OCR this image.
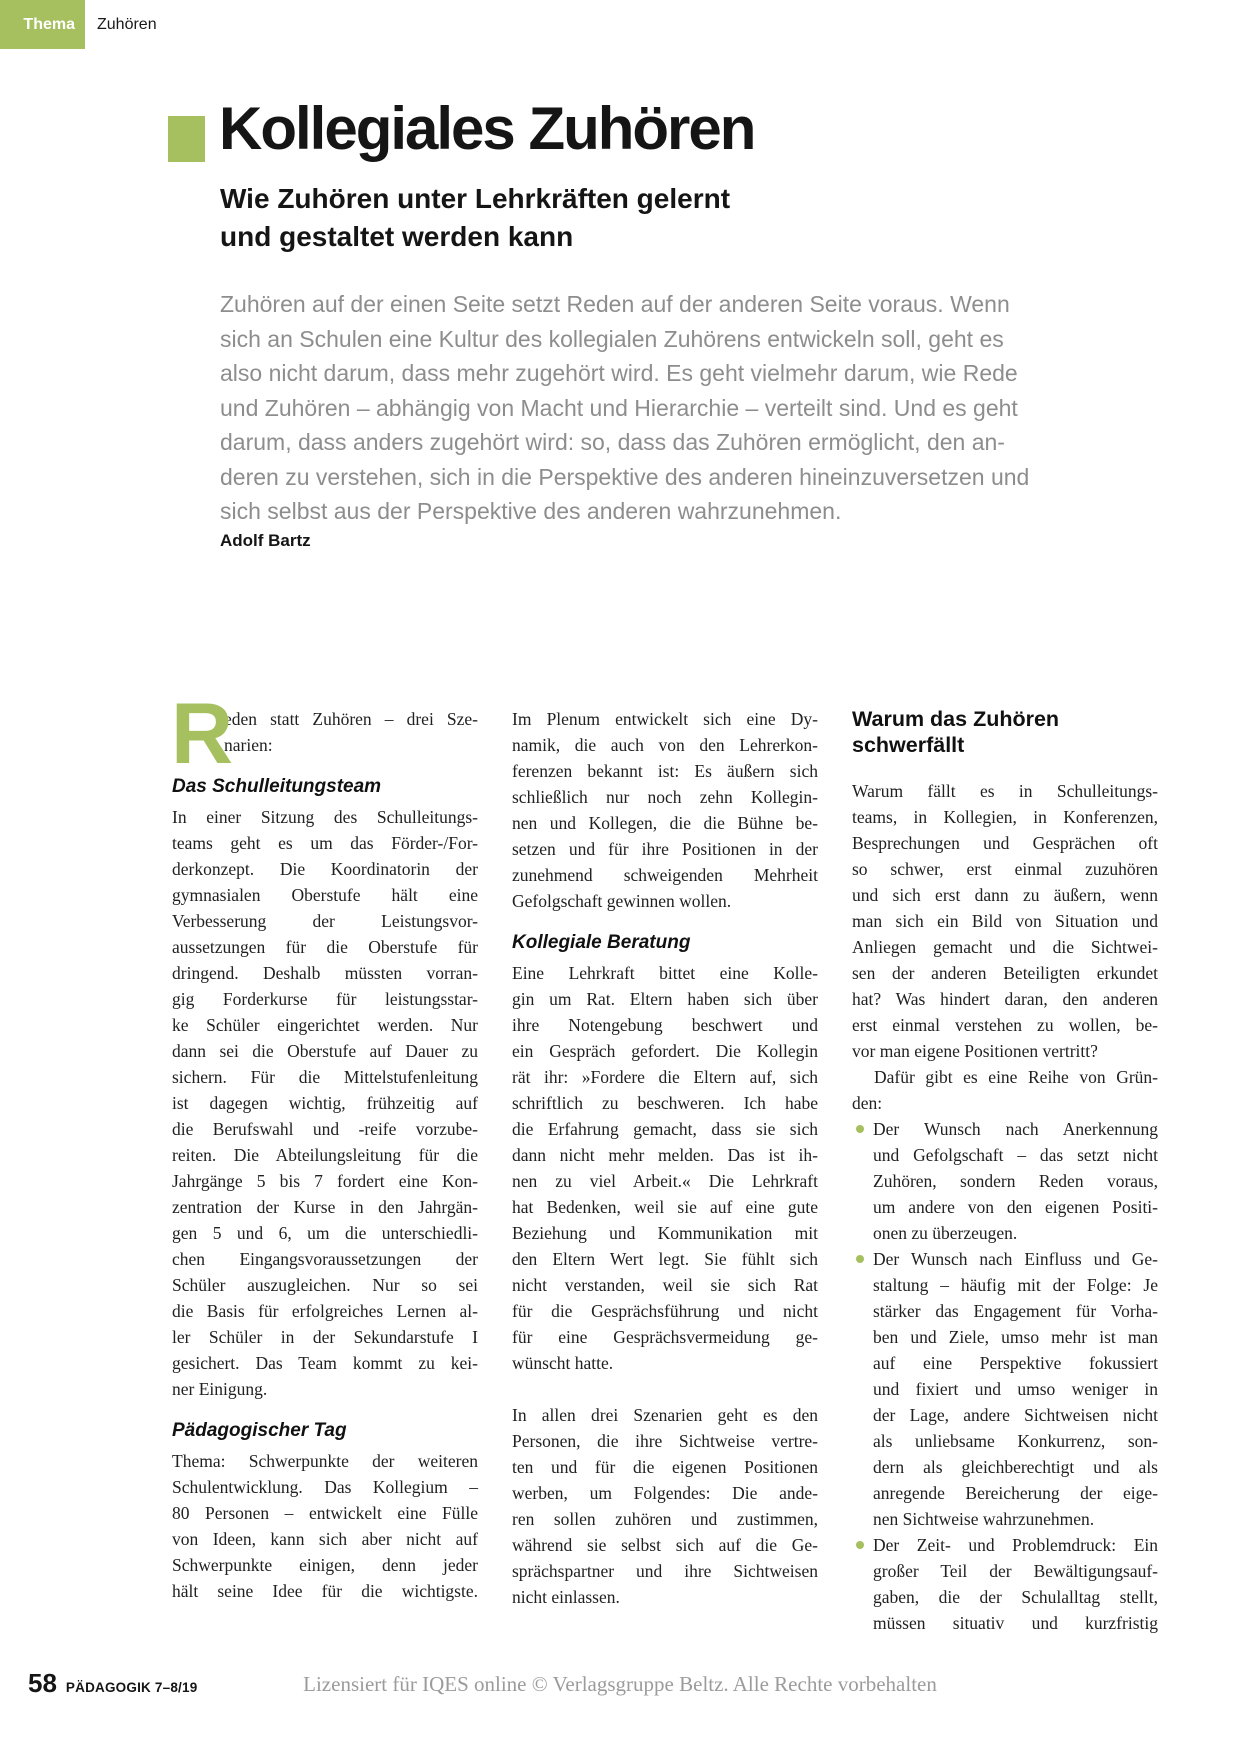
Thema Zuhören
Kollegiales Zuhören
Wie Zuhören unter Lehrkräften gelernt
und gestaltet werden kann
Zuhören auf der einen Seite setzt Reden auf der anderen Seite voraus. Wenn
sich an Schulen eine Kultur des kollegialen Zuhörens entwickeln soll, geht es
also nicht darum, dass mehr zugehört wird. Es geht vielmehr darum, wie Rede
und Zuhören – abhängig von Macht und Hierarchie – verteilt sind. Und es geht
darum, dass anders zugehört wird: so, dass das Zuhören ermöglicht, den an-
deren zu verstehen, sich in die Perspektive des anderen hineinzuversetzen und
sich selbst aus der Perspektive des anderen wahrzunehmen.
Adolf Bartz
R
eden statt Zuhören – drei Sze-
narien:
Das Schulleitungsteam
In einer Sitzung des Schulleitungs-
teams geht es um das Förder-/For-
derkonzept. Die Koordinatorin der
gymnasialen Oberstufe hält eine
Verbesserung der Leistungsvor-
aussetzungen für die Oberstufe für
dringend. Deshalb müssten vorran-
gig Forderkurse für leistungsstar-
ke Schüler eingerichtet werden. Nur
dann sei die Oberstufe auf Dauer zu
sichern. Für die Mittelstufenleitung
ist dagegen wichtig, frühzeitig auf
die Berufswahl und -reife vorzube-
reiten. Die Abteilungsleitung für die
Jahrgänge 5 bis 7 fordert eine Kon-
zentration der Kurse in den Jahrgän-
gen 5 und 6, um die unterschiedli-
chen Eingangsvoraussetzungen der
Schüler auszugleichen. Nur so sei
die Basis für erfolgreiches Lernen al-
ler Schüler in der Sekundarstufe I
gesichert. Das Team kommt zu kei-
ner Einigung.
Pädagogischer Tag
Thema: Schwerpunkte der weiteren
Schulentwicklung. Das Kollegium –
80 Personen – entwickelt eine Fülle
von Ideen, kann sich aber nicht auf
Schwerpunkte einigen, denn jeder
hält seine Idee für die wichtigste.
Im Plenum entwickelt sich eine Dy-
namik, die auch von den Lehrerkon-
ferenzen bekannt ist: Es äußern sich
schließlich nur noch zehn Kollegin-
nen und Kollegen, die die Bühne be-
setzen und für ihre Positionen in der
zunehmend schweigenden Mehrheit
Gefolgschaft gewinnen wollen.
Kollegiale Beratung
Eine Lehrkraft bittet eine Kolle-
gin um Rat. Eltern haben sich über
ihre Notengebung beschwert und
ein Gespräch gefordert. Die Kollegin
rät ihr: »Fordere die Eltern auf, sich
schriftlich zu beschweren. Ich habe
die Erfahrung gemacht, dass sie sich
dann nicht mehr melden. Das ist ih-
nen zu viel Arbeit.« Die Lehrkraft
hat Bedenken, weil sie auf eine gute
Beziehung und Kommunikation mit
den Eltern Wert legt. Sie fühlt sich
nicht verstanden, weil sie sich Rat
für die Gesprächsführung und nicht
für eine Gesprächsvermeidung ge-
wünscht hatte.
In allen drei Szenarien geht es den
Personen, die ihre Sichtweise vertre-
ten und für die eigenen Positionen
werben, um Folgendes: Die ande-
ren sollen zuhören und zustimmen,
während sie selbst sich auf die Ge-
sprächspartner und ihre Sichtweisen
nicht einlassen.
Warum das Zuhören schwerfällt
Warum fällt es in Schulleitungs-
teams, in Kollegien, in Konferenzen,
Besprechungen und Gesprächen oft
so schwer, erst einmal zuzuhören
und sich erst dann zu äußern, wenn
man sich ein Bild von Situation und
Anliegen gemacht und die Sichtwei-
sen der anderen Beteiligten erkundet
hat? Was hindert daran, den anderen
erst einmal verstehen zu wollen, be-
vor man eigene Positionen vertritt?
Dafür gibt es eine Reihe von Grün-
den:
Der Wunsch nach Anerkennung
und Gefolgschaft – das setzt nicht
Zuhören, sondern Reden voraus,
um andere von den eigenen Positi-
onen zu überzeugen.
Der Wunsch nach Einfluss und Ge-
staltung – häufig mit der Folge: Je
stärker das Engagement für Vorha-
ben und Ziele, umso mehr ist man
auf eine Perspektive fokussiert
und fixiert und umso weniger in
der Lage, andere Sichtweisen nicht
als unliebsame Konkurrenz, son-
dern als gleichberechtigt und als
anregende Bereicherung der eige-
nen Sichtweise wahrzunehmen.
Der Zeit- und Problemdruck: Ein
großer Teil der Bewältigungsauf-
gaben, die der Schulalltag stellt,
müssen situativ und kurzfristig
58 PÄDAGOGIK 7–8/19	Lizensiert für IQES online © Verlagsgruppe Beltz. Alle Rechte vorbehalten
